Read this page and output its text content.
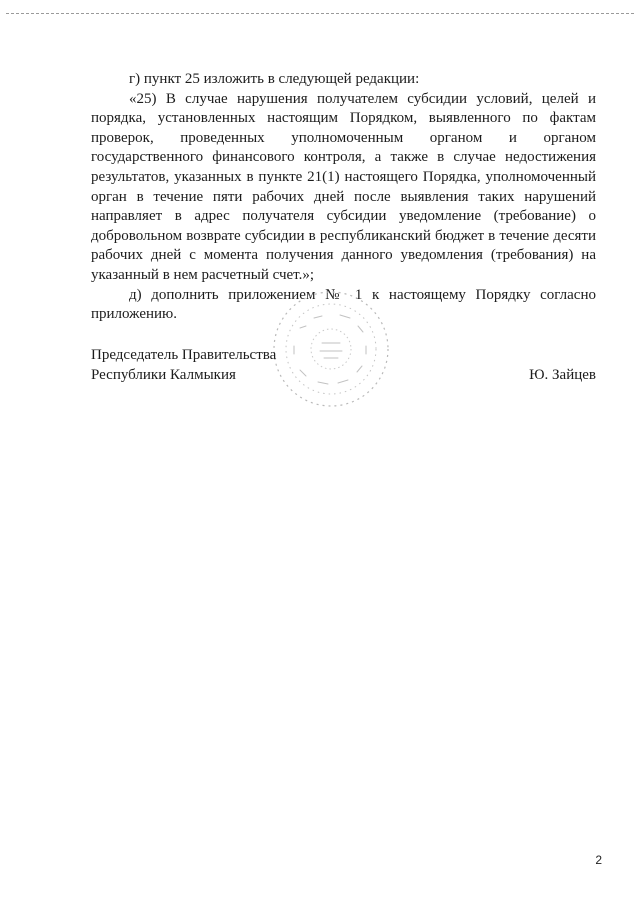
г) пункт 25 изложить в следующей редакции:

«25) В случае нарушения получателем субсидии условий, целей и порядка, установленных настоящим Порядком, выявленного по фактам проверок, проведенных уполномоченным органом и органом государственного финансового контроля, а также в случае недостижения результатов, указанных в пункте 21(1) настоящего Порядка, уполномоченный орган в течение пяти рабочих дней после выявления таких нарушений направляет в адрес получателя субсидии уведомление (требование) о добровольном возврате субсидии в республиканский бюджет в течение десяти рабочих дней с момента получения данного уведомления (требования) на указанный в нем расчетный счет.»;

д) дополнить приложением № 1 к настоящему Порядку согласно приложению.

Председатель Правительства
Республики Калмыкия	Ю. Зайцев
2
